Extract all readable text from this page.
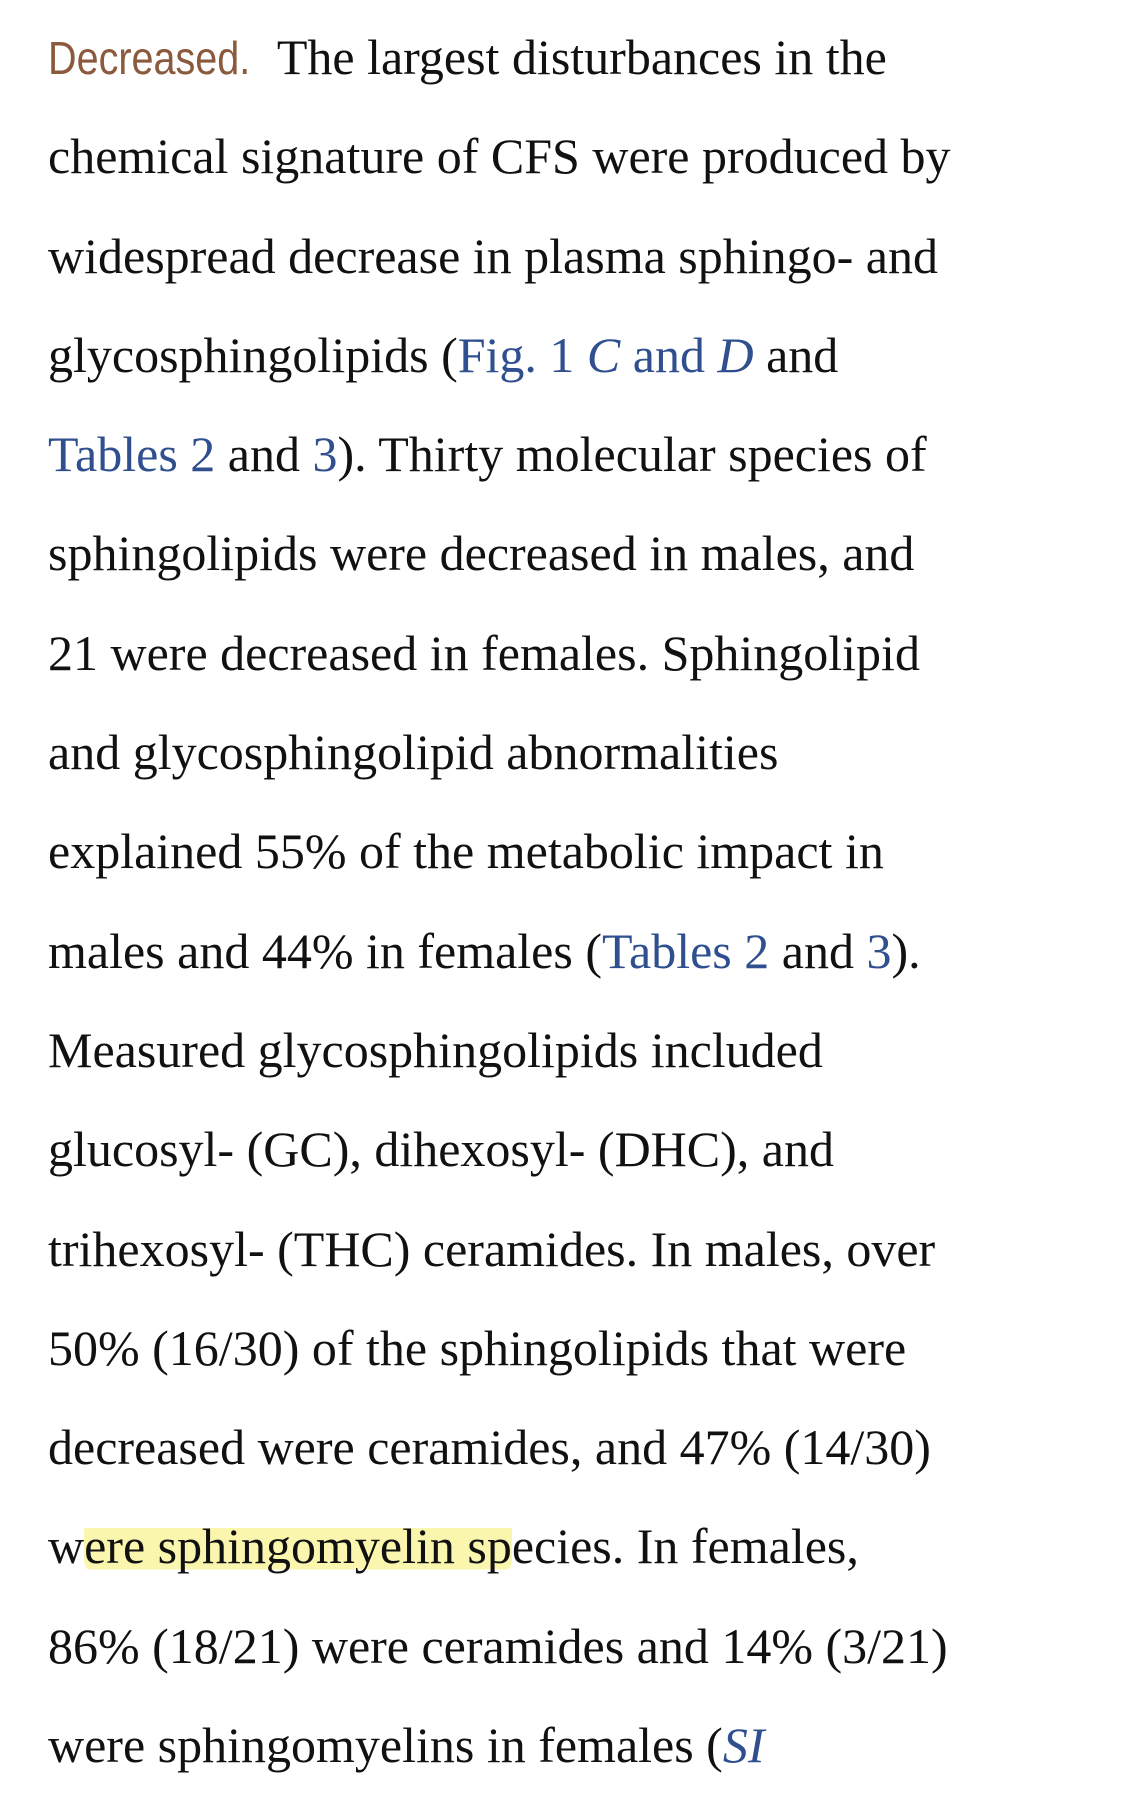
Decreased. The largest disturbances in the
chemical signature of CFS were produced by
widespread decrease in plasma sphingo- and
glycosphingolipids (Fig. 1 C and D and
Tables 2 and 3). Thirty molecular species of
sphingolipids were decreased in males, and
21 were decreased in females. Sphingolipid
and glycosphingolipid abnormalities
explained 55% of the metabolic impact in
males and 44% in females (Tables 2 and 3).
Measured glycosphingolipids included
glucosyl- (GC), dihexosyl- (DHC), and
trihexosyl- (THC) ceramides. In males, over
50% (16/30) of the sphingolipids that were
decreased were ceramides, and 47% (14/30)
were sphingomyelin species. In females,
86% (18/21) were ceramides and 14% (3/21)
were sphingomyelins in females (SI
